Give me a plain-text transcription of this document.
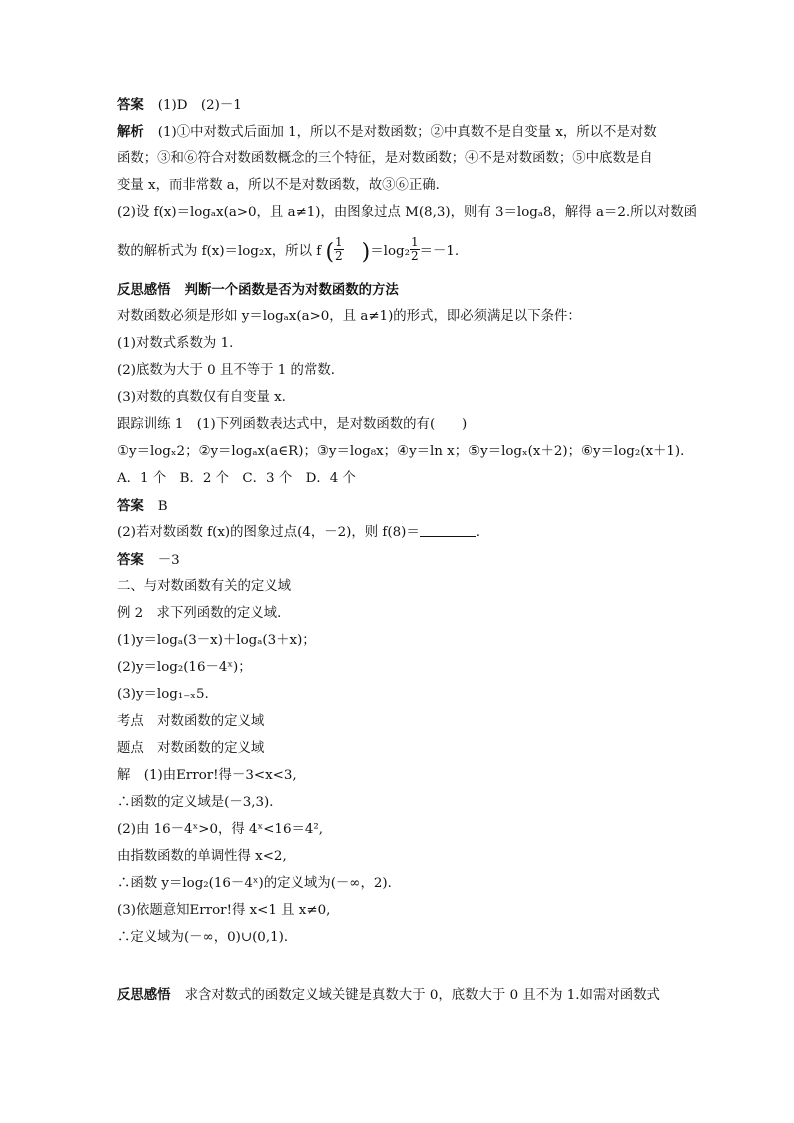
答案 (1)D　(2)－1
解析 (1)①中对数式后面加 1，所以不是对数函数；②中真数不是自变量 x，所以不是对数
函数；③和⑥符合对数函数概念的三个特征，是对数函数；④不是对数函数；⑤中底数是自
变量 x，而非常数 a，所以不是对数函数，故③⑥正确．
(2)设 f(x)＝logₐx(a>0，且 a≠1)，由图象过点 M(8,3)，则有 3＝logₐ8，解得 a＝2.所以对数函
数的解析式为 f(x)＝log₂x，所以 f ( $\frac{1}{2} )=\log_2 \frac{1}{2} =-1$.
反思感悟 判断一个函数是否为对数函数的方法
对数函数必须是形如 y＝logₐx(a>0，且 a≠1)的形式，即必须满足以下条件：
(1)对数式系数为 1.
(2)底数为大于 0 且不等于 1 的常数．
(3)对数的真数仅有自变量 x.
跟踪训练 1　(1)下列函数表达式中，是对数函数的有(　　)
①y＝logₓ2；②y＝logₐx(a∈R)；③y＝log₈x；④y＝ln x；⑤y＝logₓ(x＋2)；⑥y＝log₂(x＋1)．
A．1 个　B．2 个　C．3 个　D．4 个
答案 B
(2)若对数函数 f(x)的图象过点(4，－2)，则 f(8)＝	.
答案 －3
二、与对数函数有关的定义域
例 2　求下列函数的定义域．
(1)y＝logₐ(3－x)＋logₐ(3＋x)；
(2)y＝log₂(16－4ˣ)；
(3)y＝log₁₋ₓ5.
考点　对数函数的定义域
题点　对数函数的定义域
解　(1)由Error!得－3<x<3,
∴函数的定义域是(－3,3)．
(2)由 16－4ˣ>0，得 4ˣ<16＝4²,
由指数函数的单调性得 x<2,
∴函数 y＝log₂(16－4ˣ)的定义域为(－∞，2)．
(3)依题意知Error!得 x<1 且 x≠0,
∴定义域为(－∞，0)∪(0,1)．
反思感悟 求含对数式的函数定义域关键是真数大于 0，底数大于 0 且不为 1.如需对函数式
